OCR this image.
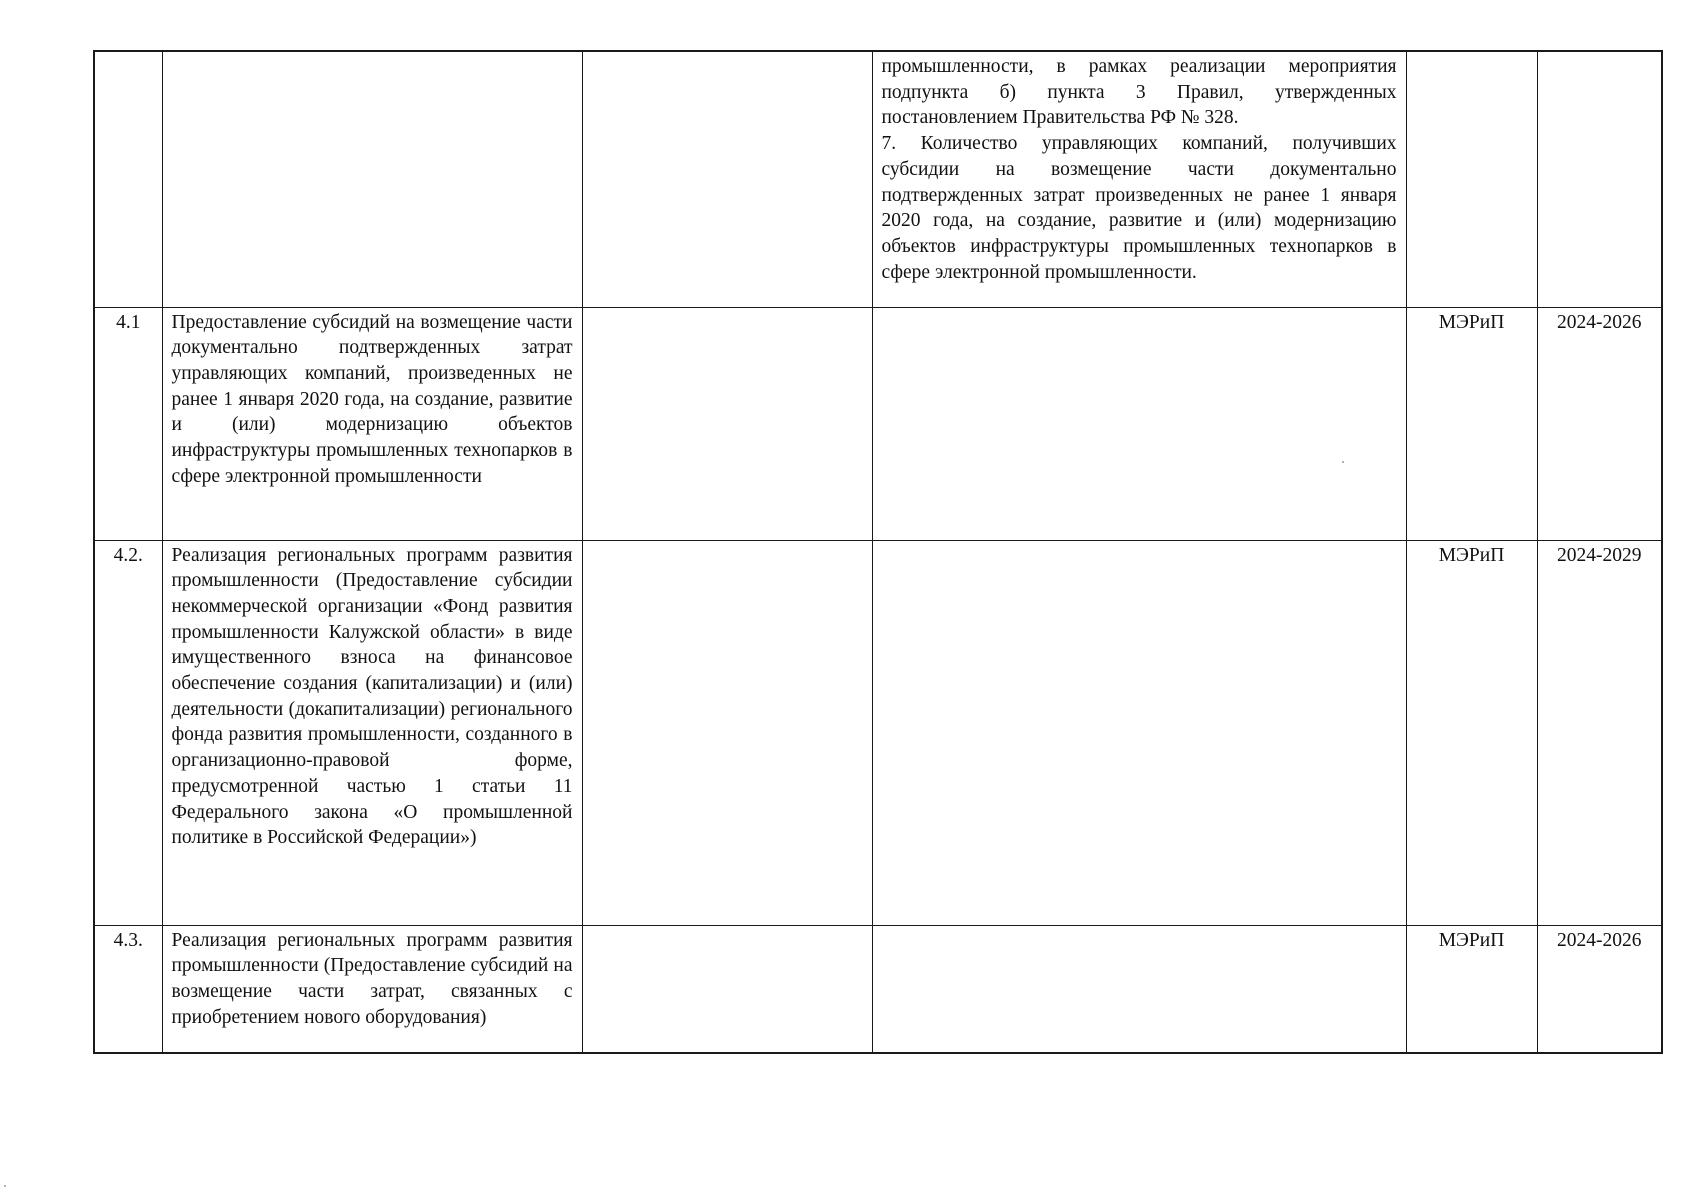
			промышленности, в рамках реализации мероприятия подпункта б) пункта 3 Правил, утвержденных постановлением Правительства РФ № 328.
7. Количество управляющих компаний, получивших субсидии на возмещение части документально подтвержденных затрат произведенных не ранее 1 января 2020 года, на создание, развитие и (или) модернизацию объектов инфраструктуры промышленных технопарков в сфере электронной промышленности.		

4.1	Предоставление субсидий на возмещение части документально подтвержденных затрат управляющих компаний, произведенных не ранее 1 января 2020 года, на создание, развитие и (или) модернизацию объектов инфраструктуры промышленных технопарков в сфере электронной промышленности			МЭРиП	2024-2026
4.2.	Реализация региональных программ развития промышленности (Предоставление субсидии некоммерческой организации «Фонд развития промышленности Калужской области» в виде имущественного взноса на финансовое обеспечение создания (капитализации) и (или) деятельности (докапитализации) регионального фонда развития промышленности, созданного в организационно-правовой форме, предусмотренной частью 1 статьи 11 Федерального закона «О промышленной политике в Российской Федерации»)			МЭРиП	2024-2029
4.3.	Реализация региональных программ развития промышленности (Предоставление субсидий на возмещение части затрат, связанных с приобретением нового оборудования)			МЭРиП	2024-2026
